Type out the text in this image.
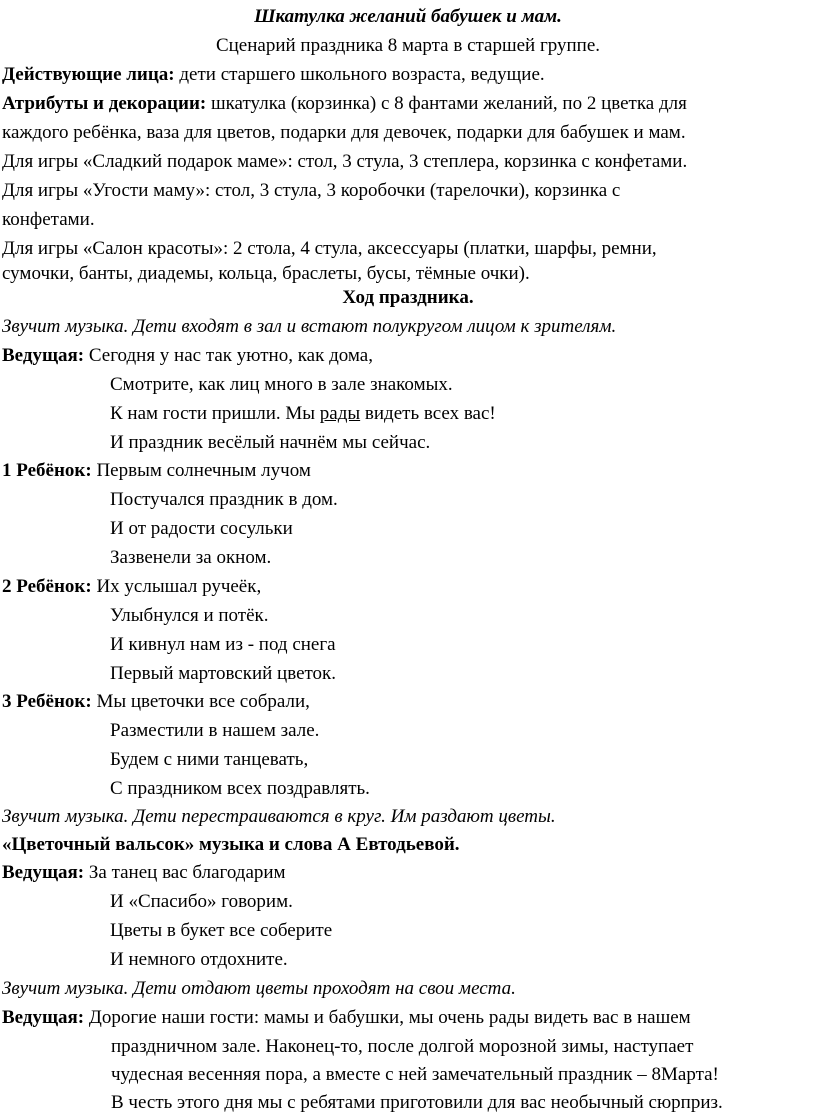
Шкатулка желаний бабушек и мам.
Сценарий праздника 8 марта в старшей группе.
Действующие лица: дети старшего школьного возраста, ведущие.
Атрибуты и декорации: шкатулка (корзинка) с 8 фантами желаний, по 2 цветка для
каждого ребёнка, ваза для цветов, подарки для девочек, подарки для бабушек и мам.
Для игры «Сладкий подарок маме»: стол, 3 стула, 3 степлера, корзинка с конфетами.
Для игры «Угости маму»: стол, 3 стула, 3 коробочки (тарелочки), корзинка с
конфетами.
Для игры «Салон красоты»: 2 стола, 4 стула, аксессуары (платки, шарфы, ремни,
сумочки, банты, диадемы, кольца, браслеты, бусы, тёмные очки).
Ход праздника.
Звучит музыка. Дети входят в зал и встают полукругом лицом к зрителям.
Ведущая: Сегодня у нас так уютно, как дома,
Смотрите, как лиц много в зале знакомых.
К нам гости пришли. Мы рады видеть всех вас!
И праздник весёлый начнём мы сейчас.
1 Ребёнок: Первым солнечным лучом
Постучался праздник в дом.
И от радости сосульки
Зазвенели за окном.
2 Ребёнок: Их услышал ручеёк,
Улыбнулся и потёк.
И кивнул нам из - под снега
Первый мартовский цветок.
3 Ребёнок: Мы цветочки все собрали,
Разместили в нашем зале.
Будем с ними танцевать,
С праздником всех поздравлять.
Звучит музыка. Дети перестраиваются в круг. Им раздают цветы.
«Цветочный вальсок» музыка и слова А Евтодьевой.
Ведущая: За танец вас благодарим
И «Спасибо» говорим.
Цветы в букет все соберите
И немного отдохните.
Звучит музыка. Дети отдают цветы проходят на свои места.
Ведущая: Дорогие наши гости: мамы и бабушки, мы очень рады видеть вас в нашем
праздничном зале. Наконец-то, после долгой морозной зимы, наступает
чудесная весенняя пора, а вместе с ней замечательный праздник – 8Марта!
В честь этого дня мы с ребятами приготовили для вас необычный сюрприз.
